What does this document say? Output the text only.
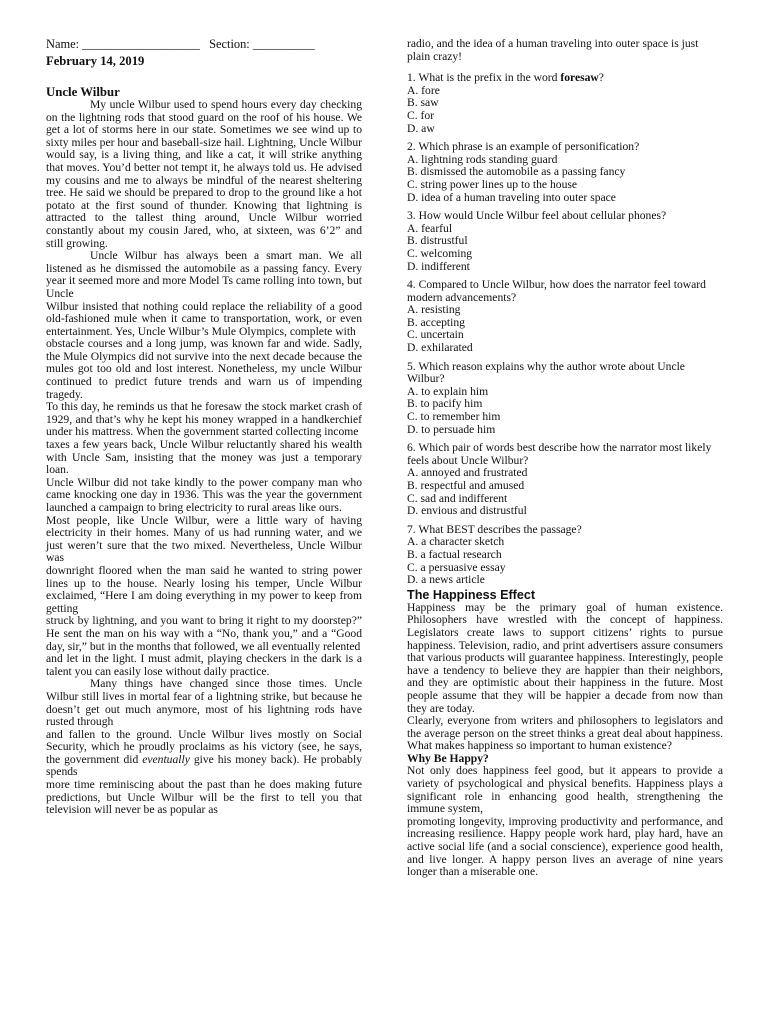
Name: ___________________ Section: __________

February 14, 2019

Uncle Wilbur

My uncle Wilbur used to spend hours every day checking on the lightning rods that stood guard on the roof of his house. We get a lot of storms here in our state. Sometimes we see wind up to sixty miles per hour and baseball-size hail. Lightning, Uncle Wilbur would say, is a living thing, and like a cat, it will strike anything that moves. You’d better not tempt it, he always told us. He advised my cousins and me to always be mindful of the nearest sheltering tree. He said we should be prepared to drop to the ground like a hot potato at the first sound of thunder. Knowing that lightning is attracted to the tallest thing around, Uncle Wilbur worried constantly about my cousin Jared, who, at sixteen, was 6’2” and still growing.

Uncle Wilbur has always been a smart man. We all listened as he dismissed the automobile as a passing fancy. Every year it seemed more and more Model Ts came rolling into town, but Uncle

Wilbur insisted that nothing could replace the reliability of a good old-fashioned mule when it came to transportation, work, or even entertainment. Yes, Uncle Wilbur’s Mule Olympics, complete with

obstacle courses and a long jump, was known far and wide. Sadly, the Mule Olympics did not survive into the next decade because the mules got too old and lost interest. Nonetheless, my uncle Wilbur continued to predict future trends and warn us of impending tragedy.

To this day, he reminds us that he foresaw the stock market crash of 1929, and that’s why he kept his money wrapped in a handkerchief under his mattress. When the government started collecting income

taxes a few years back, Uncle Wilbur reluctantly shared his wealth with Uncle Sam, insisting that the money was just a temporary loan.

Uncle Wilbur did not take kindly to the power company man who came knocking one day in 1936. This was the year the government launched a campaign to bring electricity to rural areas like ours.

Most people, like Uncle Wilbur, were a little wary of having electricity in their homes. Many of us had running water, and we just weren’t sure that the two mixed. Nevertheless, Uncle Wilbur was

downright floored when the man said he wanted to string power lines up to the house. Nearly losing his temper, Uncle Wilbur exclaimed, “Here I am doing everything in my power to keep from getting

struck by lightning, and you want to bring it right to my doorstep?” He sent the man on his way with a “No, thank you,” and a “Good day, sir,” but in the months that followed, we all eventually relented

and let in the light. I must admit, playing checkers in the dark is a talent you can easily lose without daily practice.

Many things have changed since those times. Uncle Wilbur still lives in mortal fear of a lightning strike, but because he doesn’t get out much anymore, most of his lightning rods have rusted through

and fallen to the ground. Uncle Wilbur lives mostly on Social Security, which he proudly proclaims as his victory (see, he says, the government did eventually give his money back). He probably spends

more time reminiscing about the past than he does making future predictions, but Uncle Wilbur will be the first to tell you that television will never be as popular as

radio, and the idea of a human traveling into outer space is just plain crazy!

1. What is the prefix in the word foresaw?

A. fore

B. saw

C. for

D. aw

2. Which phrase is an example of personification?

A. lightning rods standing guard

B. dismissed the automobile as a passing fancy

C. string power lines up to the house

D. idea of a human traveling into outer space

3. How would Uncle Wilbur feel about cellular phones?

A. fearful

B. distrustful

C. welcoming

D. indifferent

4. Compared to Uncle Wilbur, how does the narrator feel toward modern advancements?

A. resisting

B. accepting

C. uncertain

D. exhilarated

5. Which reason explains why the author wrote about Uncle Wilbur?

A. to explain him

B. to pacify him

C. to remember him

D. to persuade him

6. Which pair of words best describe how the narrator most likely feels about Uncle Wilbur?

A. annoyed and frustrated

B. respectful and amused

C. sad and indifferent

D. envious and distrustful

7. What BEST describes the passage?

A. a character sketch

B. a factual research

C. a persuasive essay

D. a news article

The Happiness Effect

Happiness may be the primary goal of human existence. Philosophers have wrestled with the concept of happiness. Legislators create laws to support citizens’ rights to pursue happiness. Television, radio, and print advertisers assure consumers that various products will guarantee happiness. Interestingly, people have a tendency to believe they are happier than their neighbors, and they are optimistic about their happiness in the future. Most people assume that they will be happier a decade from now than they are today.

Clearly, everyone from writers and philosophers to legislators and the average person on the street thinks a great deal about happiness. What makes happiness so important to human existence?

Why Be Happy?

Not only does happiness feel good, but it appears to provide a variety of psychological and physical benefits. Happiness plays a significant role in enhancing good health, strengthening the immune system,

promoting longevity, improving productivity and performance, and increasing resilience. Happy people work hard, play hard, have an active social life (and a social conscience), experience good health, and live longer. A happy person lives an average of nine years longer than a miserable one.
